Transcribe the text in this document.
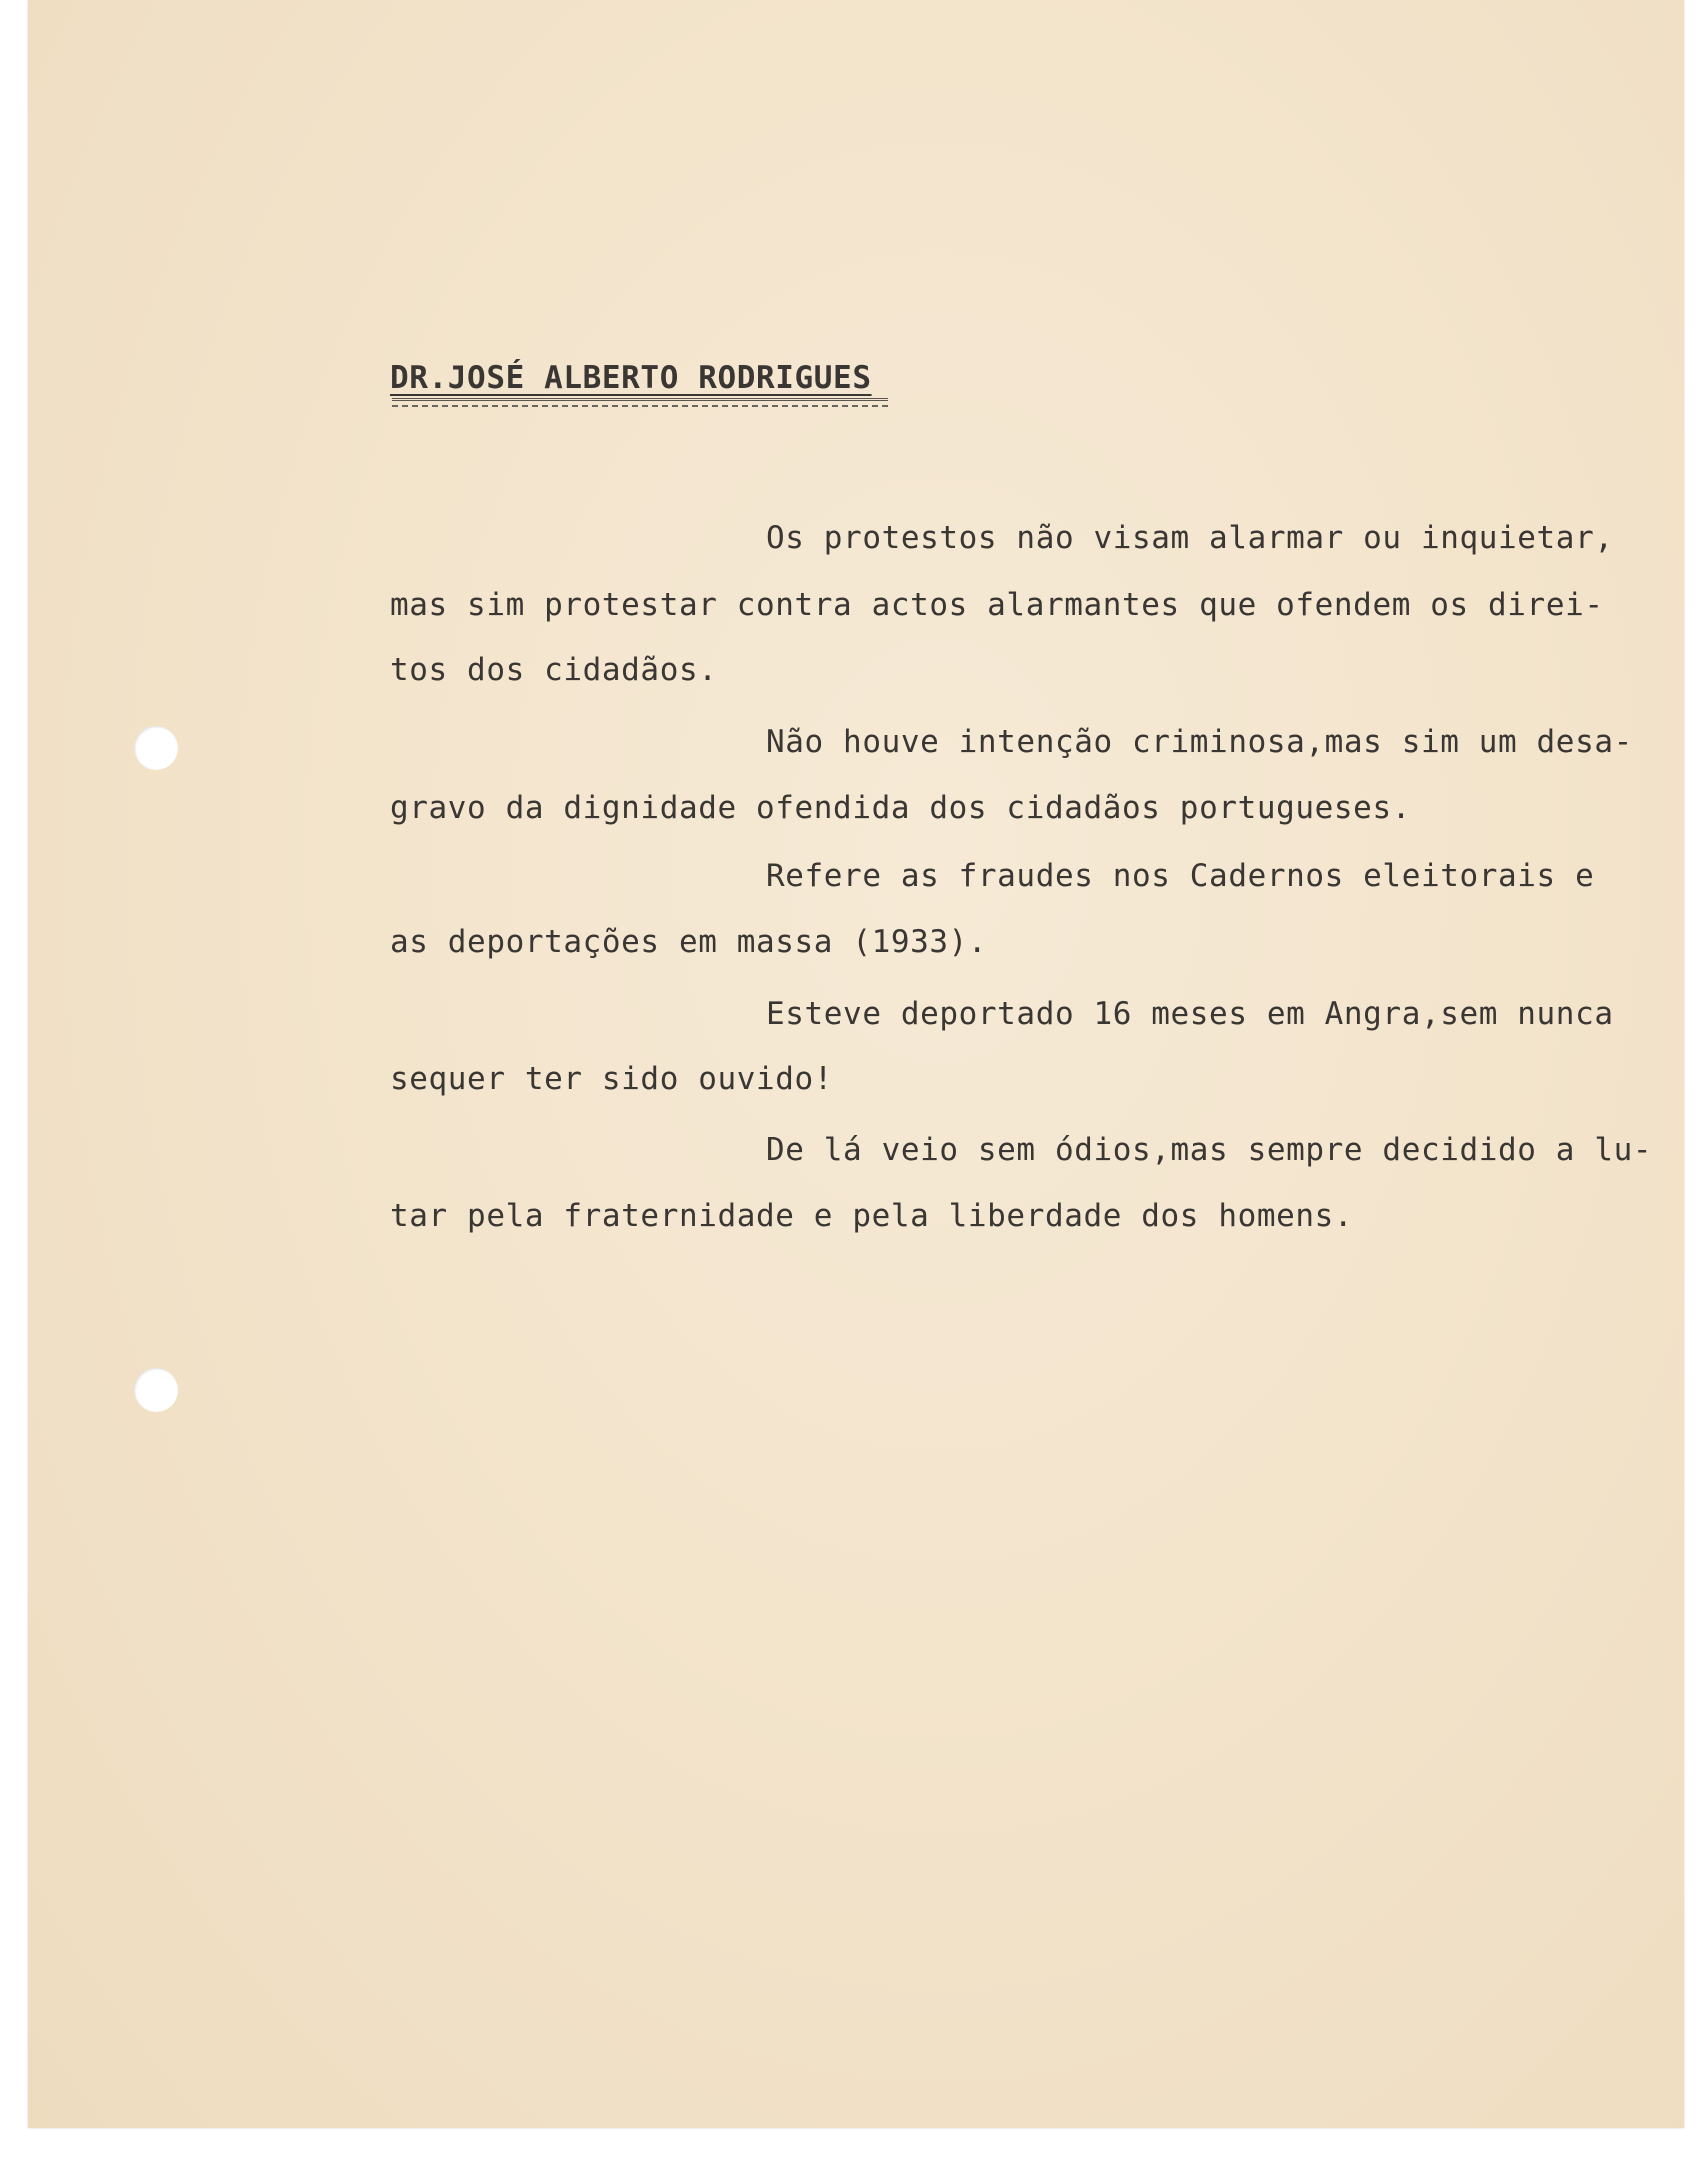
DR.JOSÉ ALBERTO RODRIGUES
Os protestos não visam alarmar ou inquietar,
mas sim protestar contra actos alarmantes que ofendem os direi-
tos dos cidadãos.
Não houve intenção criminosa,mas sim um desa-
gravo da dignidade ofendida dos cidadãos portugueses.
Refere as fraudes nos Cadernos eleitorais e
as deportações em massa (1933).
Esteve deportado 16 meses em Angra,sem nunca
sequer ter sido ouvido!
De lá veio sem ódios,mas sempre decidido a lu-
tar pela fraternidade e pela liberdade dos homens.
